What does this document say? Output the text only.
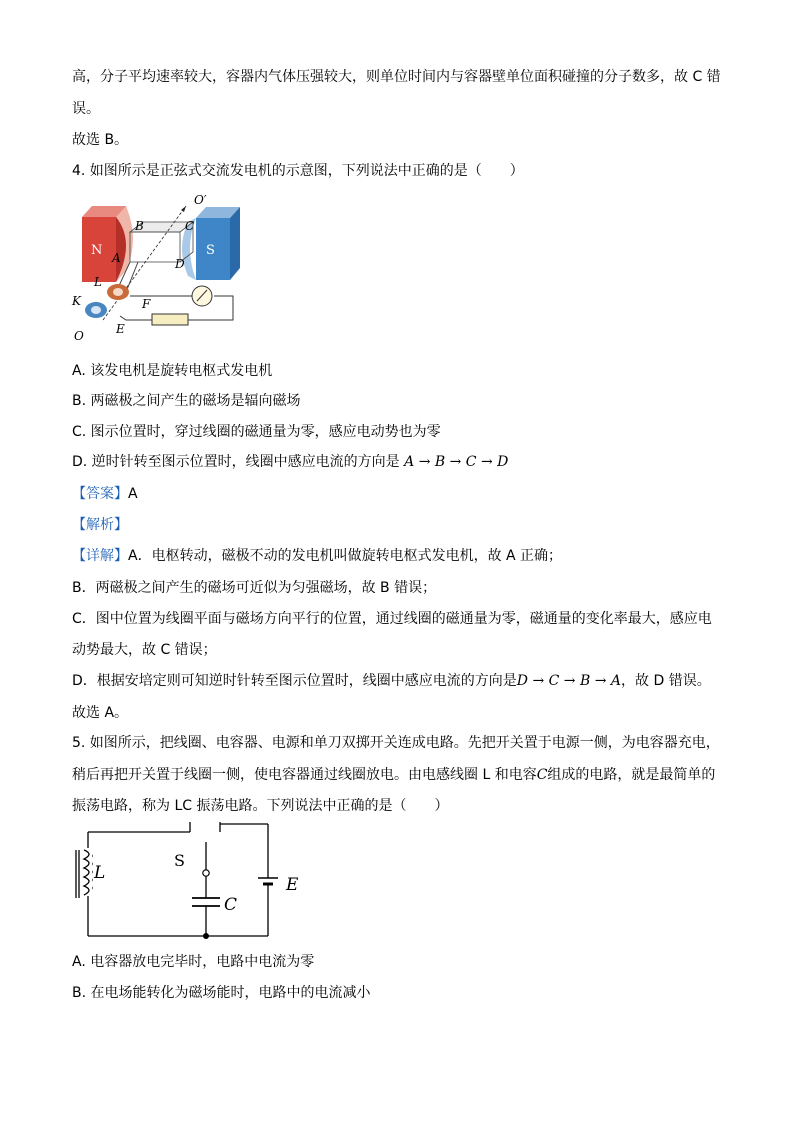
高，分子平均速率较大，容器内气体压强较大，则单位时间内与容器壁单位面积碰撞的分子数多，故 C 错
误。
故选 B。
4. 如图所示是正弦式交流发电机的示意图，下列说法中正确的是（　　）
N	S
O′
B	C
A	D
L
K	F
E
O
A. 该发电机是旋转电枢式发电机
B. 两磁极之间产生的磁场是辐向磁场
C. 图示位置时，穿过线圈的磁通量为零，感应电动势也为零
D. 逆时针转至图示位置时，线圈中感应电流的方向是 A → B → C → D
【答案】A
【解析】
【详解】A．电枢转动，磁极不动的发电机叫做旋转电枢式发电机，故 A 正确；
B．两磁极之间产生的磁场可近似为匀强磁场，故 B 错误；
C．图中位置为线圈平面与磁场方向平行的位置，通过线圈的磁通量为零，磁通量的变化率最大，感应电
动势最大，故 C 错误；
D．根据安培定则可知逆时针转至图示位置时，线圈中感应电流的方向是D → C → B → A，故 D 错误。
故选 A。
5. 如图所示，把线圈、电容器、电源和单刀双掷开关连成电路。先把开关置于电源一侧，为电容器充电，
稍后再把开关置于线圈一侧，使电容器通过线圈放电。由电感线圈 L 和电容C组成的电路，就是最简单的
振荡电路，称为 LC 振荡电路。下列说法中正确的是（　　）
L
S
E
C
A. 电容器放电完毕时，电路中电流为零
B. 在电场能转化为磁场能时，电路中的电流减小
